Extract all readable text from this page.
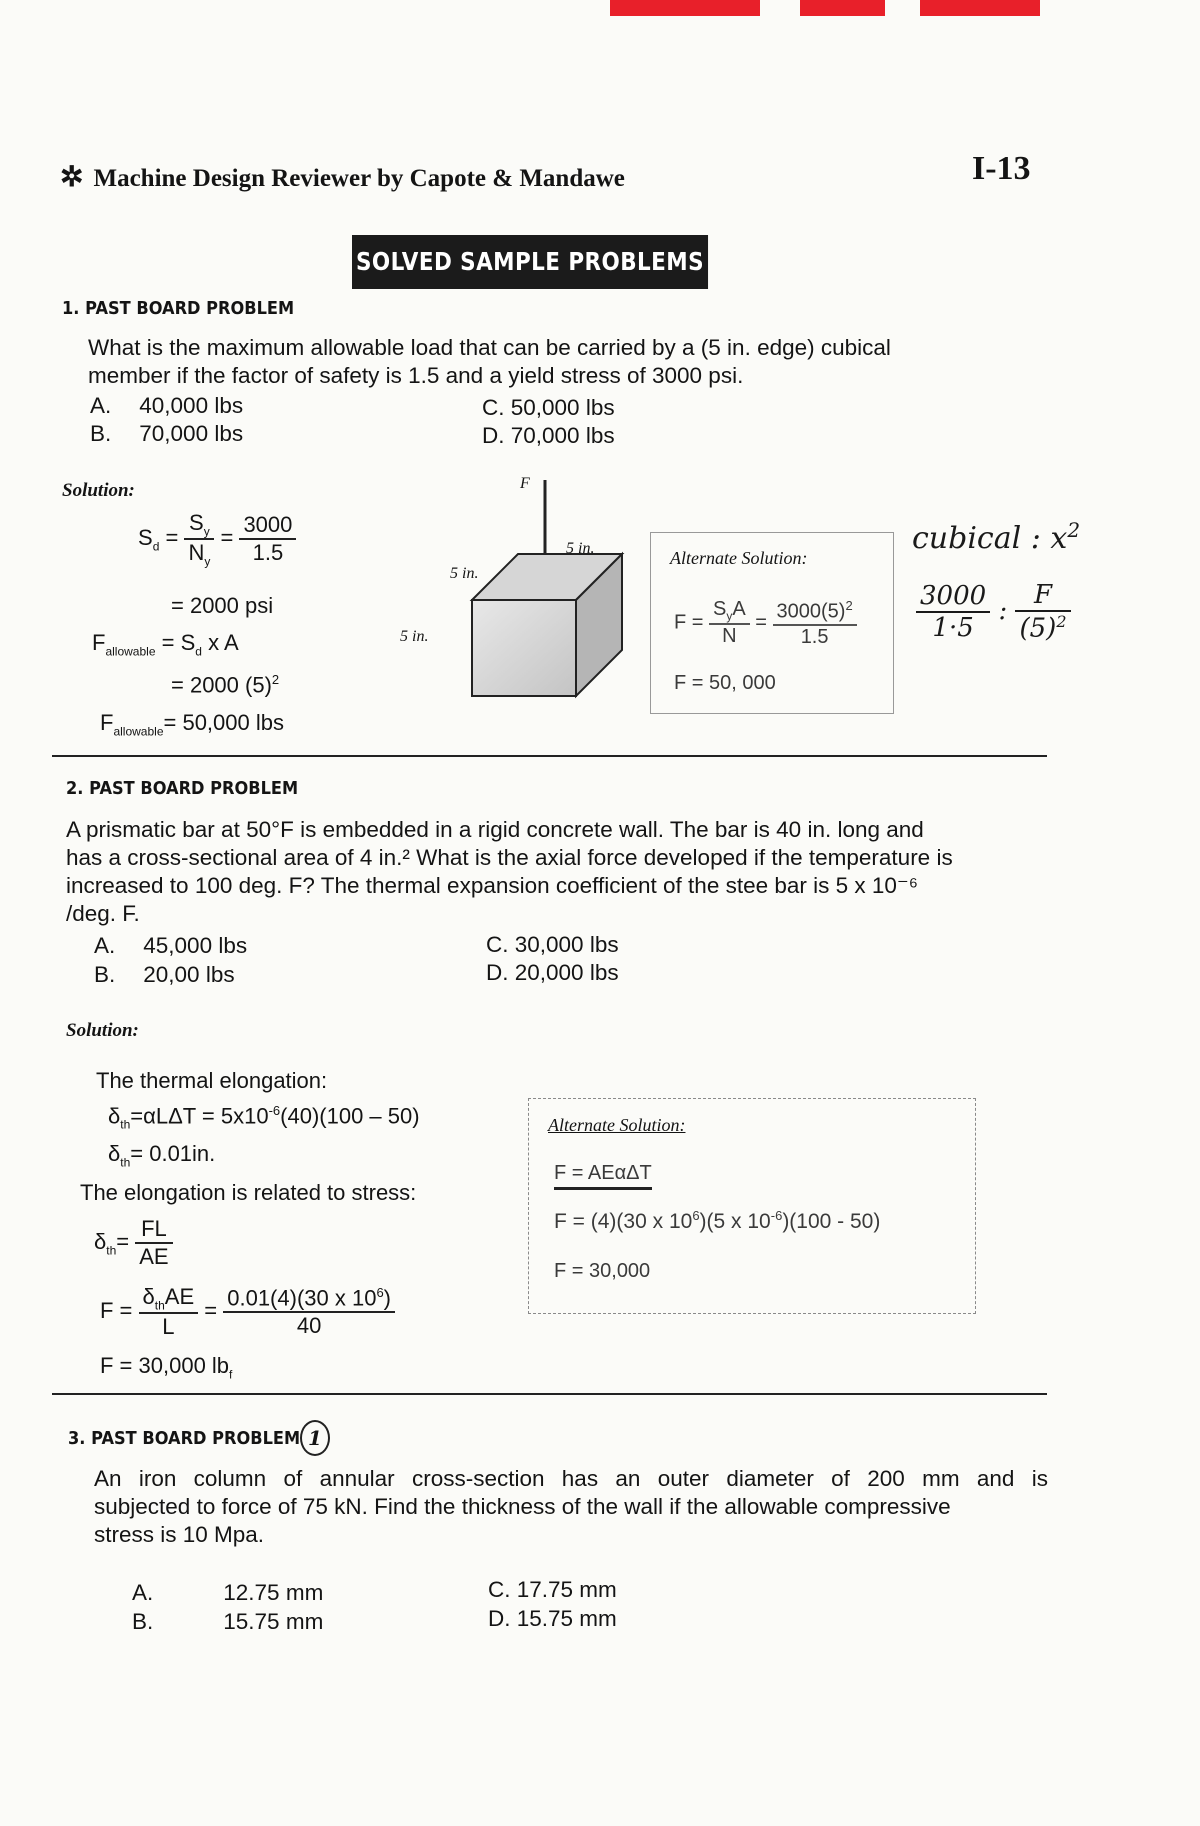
✲ Machine Design Reviewer by Capote & Mandawe	I-13
SOLVED SAMPLE PROBLEMS
1. PAST BOARD PROBLEM
What is the maximum allowable load that can be carried by a (5 in. edge) cubical
member if the factor of safety is 1.5 and a yield stress of 3000 psi.
A. 40,000 lbs
B. 70,000 lbs
C. 50,000 lbs
D. 70,000 lbs
Solution:
$S_d = \frac{S_y}{N_y} = \frac{3000}{1.5}$
= 2000 psi
$F_{allowable} = S_d$ x A
= 2000 $(5)^2$
$F_{allowable}= 50,000$ lbs
F
5 in.
5 in.
5 in.
Alternate Solution:
$F = \frac{S_yA}{N} = \frac{3000(5)^2}{1.5}$
F = 50, 000
cubical : $x^2$
$\frac{3000}{1\cdot 5}$ : $\frac{F}{(5)^2}$
2. PAST BOARD PROBLEM
A prismatic bar at 50°F is embedded in a rigid concrete wall. The bar is 40 in. long and
has a cross-sectional area of 4 in.² What is the axial force developed if the temperature is
increased to 100 deg. F? The thermal expansion coefficient of the stee bar is 5 x 10⁻⁶
/deg. F.
A. 45,000 lbs
B. 20,00 lbs
C. 30,000 lbs
D. 20,000 lbs
Solution:
The thermal elongation:
$\delta_{th}=\alpha L\Delta T = 5x10^{-6}(40)(100 - 50)$
$\delta_{th}= 0.01in$.
The elongation is related to stress:
$\delta_{th}= \frac{FL}{AE}$
$F = \frac{\delta_{th}AE}{L} = \frac{0.01(4)(30 x 10^6)}{40}$
F = 30,000 $lb_f$
Alternate Solution:
F = AEαΔT
F = (4)(30 x $10^6)(5$ x $10^{-6})(100 - 50)$
F = 30,000
3. PAST BOARD PROBLEM 1
An iron column of annular cross-section has an outer diameter of 200 mm and is
subjected to force of 75 kN. Find the thickness of the wall if the allowable compressive
stress is 10 Mpa.
A.	12.75 mm
B.	15.75 mm
C. 17.75 mm
D. 15.75 mm
